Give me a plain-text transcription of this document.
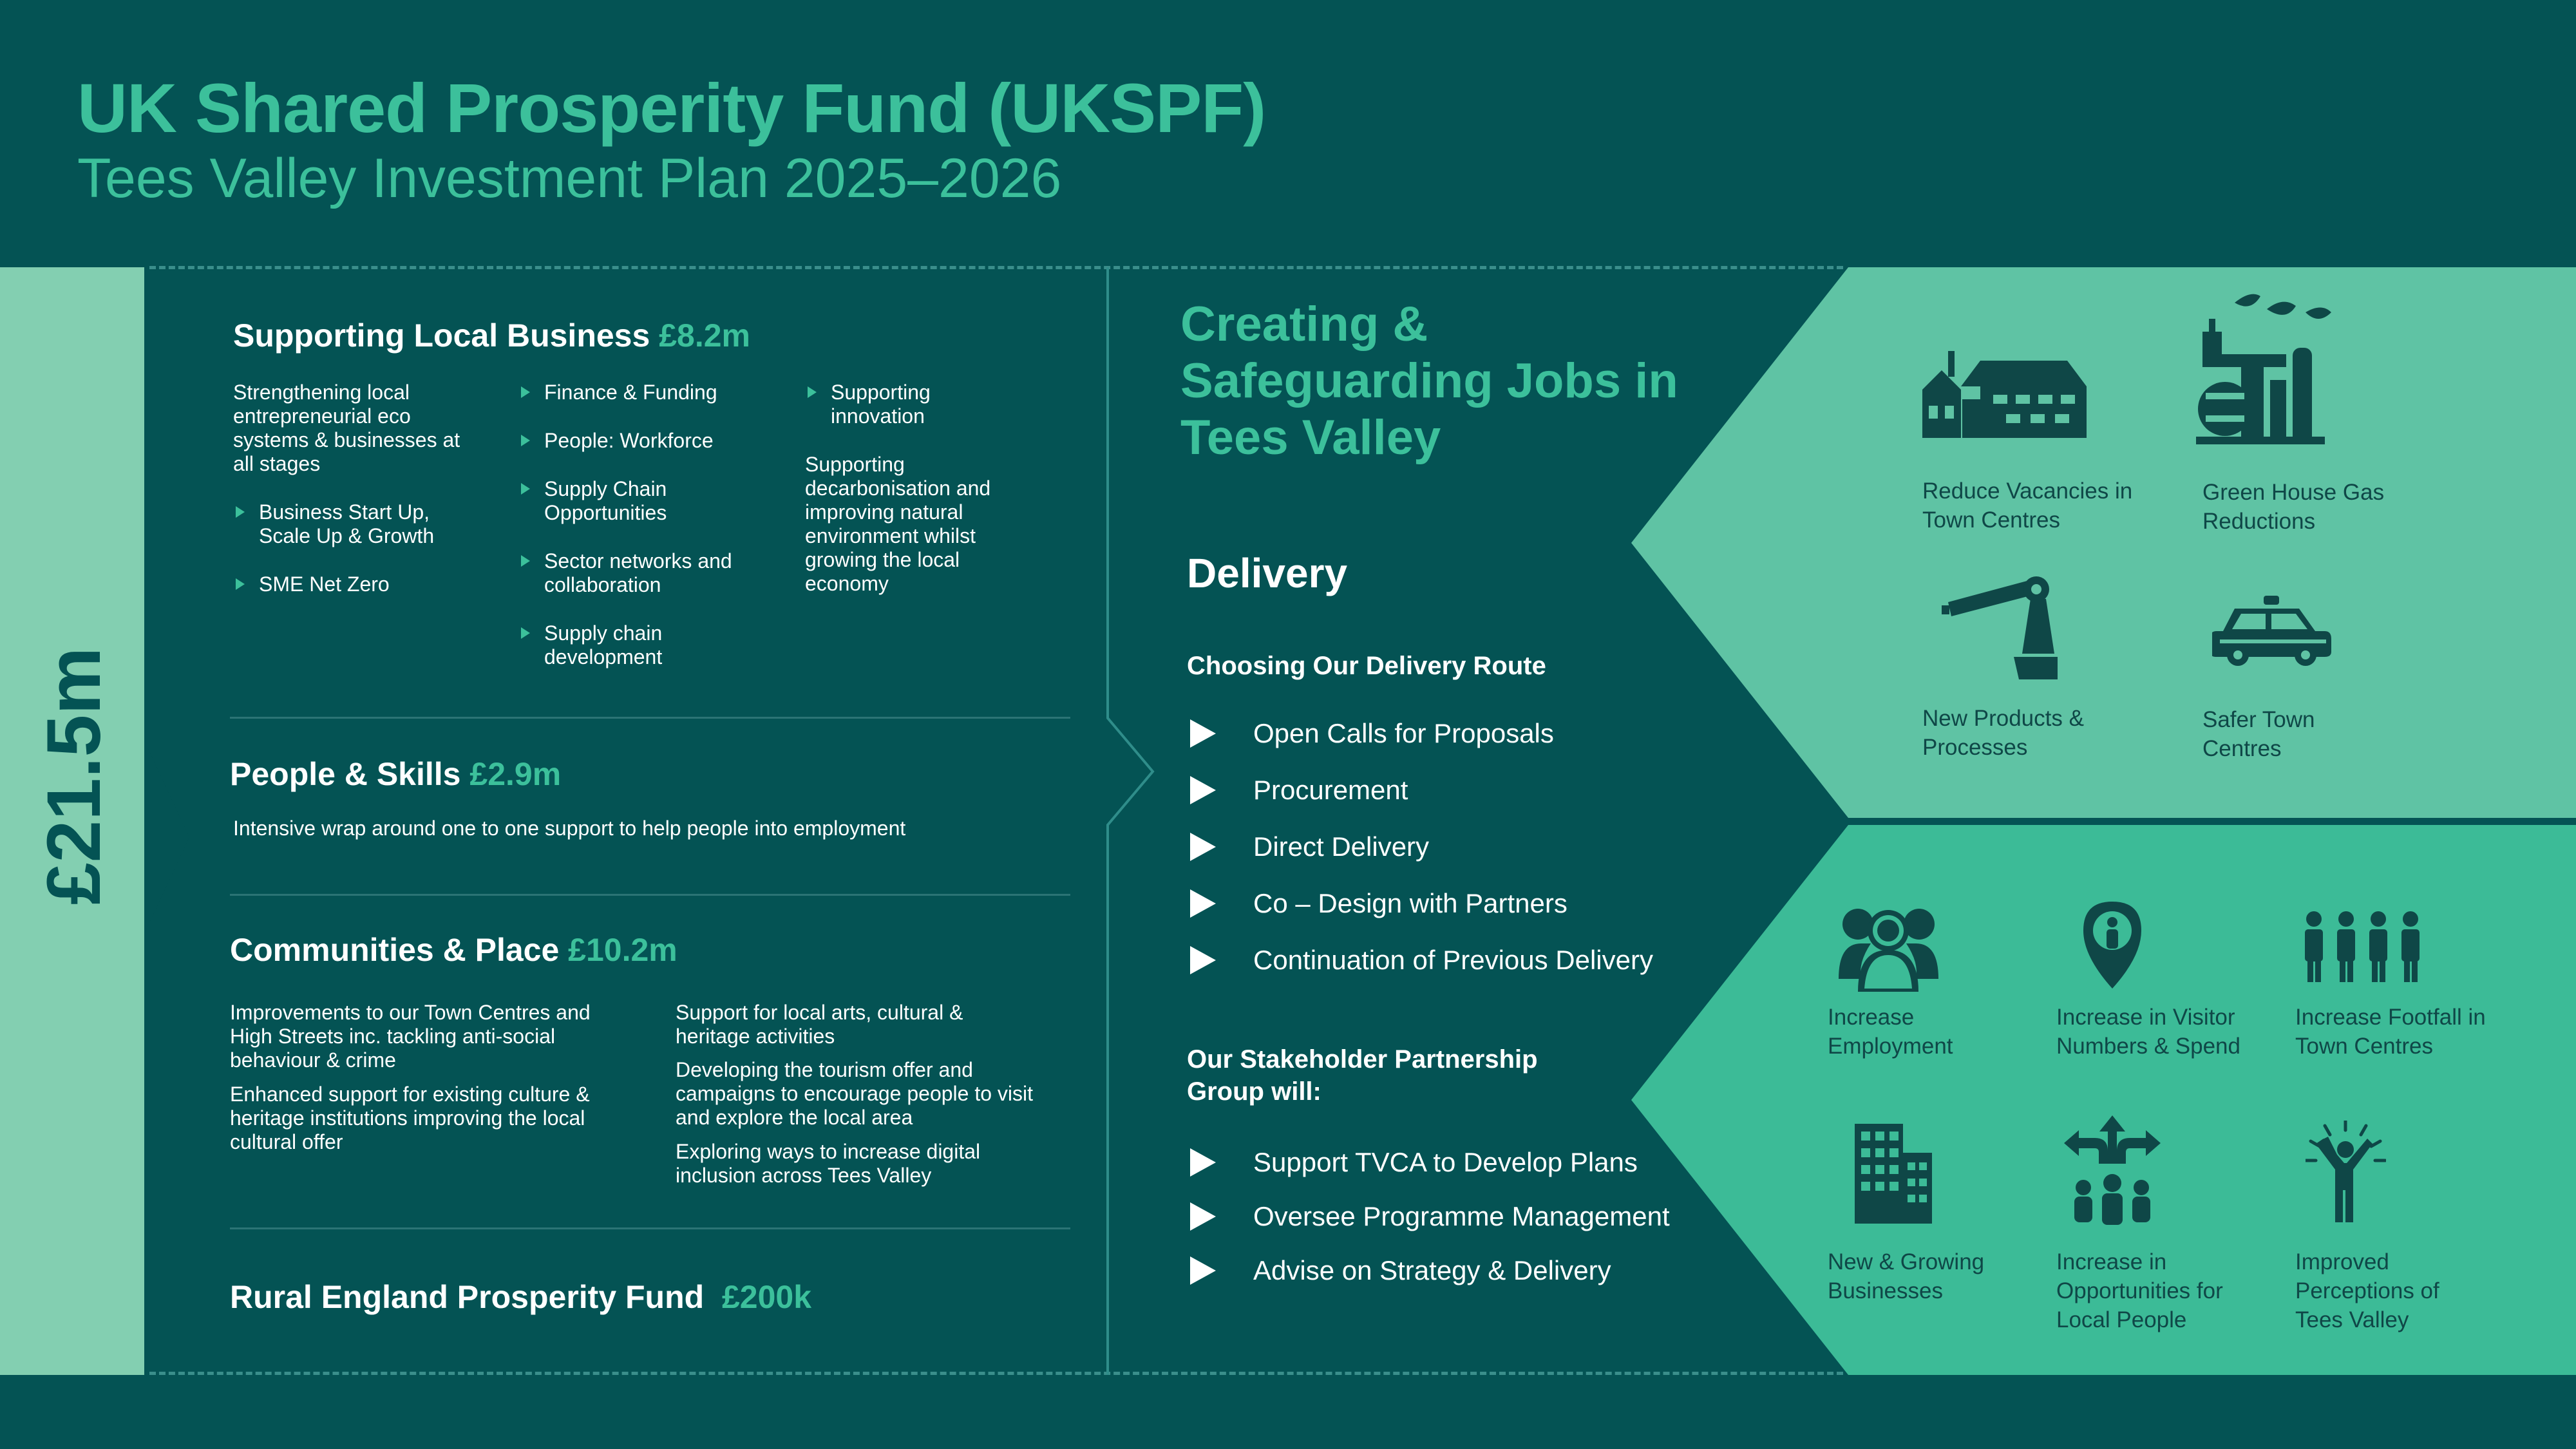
UK Shared Prosperity Fund (UKSPF)
Tees Valley Investment Plan 2025–2026
£21.5m
Supporting Local Business £8.2m
Strengthening local entrepreneurial eco systems & businesses at all stages
Business Start Up, Scale Up & Growth
SME Net Zero
Finance & Funding
People: Workforce
Supply Chain Opportunities
Sector networks and collaboration
Supply chain development
Supporting innovation
Supporting decarbonisation and improving natural environment whilst growing the local economy
People & Skills £2.9m
Intensive wrap around one to one support to help people into employment
Communities & Place £10.2m
Improvements to our Town Centres and High Streets inc. tackling anti-social behaviour & crime
Enhanced support for existing culture & heritage institutions improving the local cultural offer
Support for local arts, cultural & heritage activities
Developing the tourism offer and campaigns to encourage people to visit and explore the local area
Exploring ways to increase digital inclusion across Tees Valley
Rural England Prosperity Fund £200k
Creating & Safeguarding Jobs in Tees Valley
Delivery
Choosing Our Delivery Route
Open Calls for Proposals
Procurement
Direct Delivery
Co – Design with Partners
Continuation of Previous Delivery
Our Stakeholder Partnership Group will:
Support TVCA to Develop Plans
Oversee Programme Management
Advise on Strategy & Delivery
Reduce Vacancies in Town Centres
Green House Gas Reductions
New Products & Processes
Safer Town Centres
Increase Employment
Increase in Visitor Numbers & Spend
Increase Footfall in Town Centres
New & Growing Businesses
Increase in Opportunities for Local People
Improved Perceptions of Tees Valley
